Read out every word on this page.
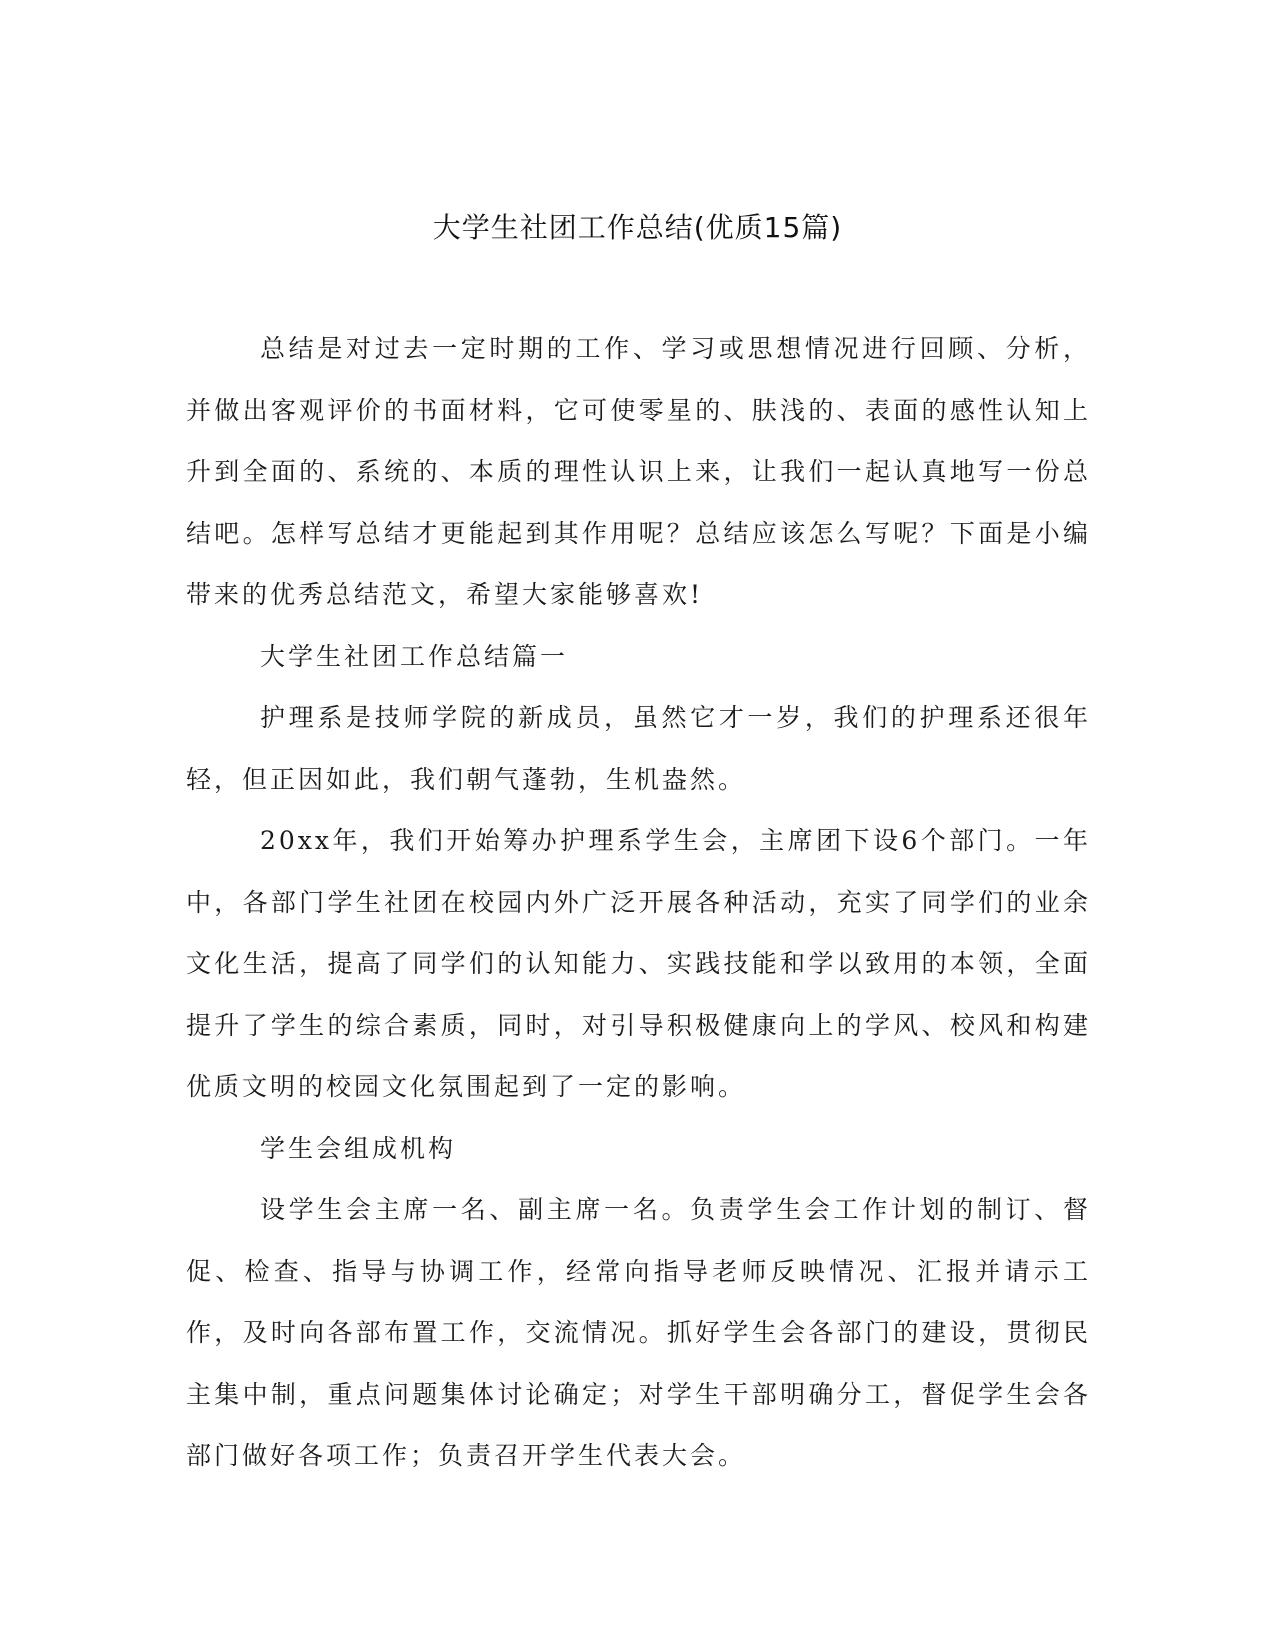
大学生社团工作总结(优质15篇)

总结是对过去一定时期的工作、学习或思想情况进行回顾、分析，并做出客观评价的书面材料，它可使零星的、肤浅的、表面的感性认知上升到全面的、系统的、本质的理性认识上来，让我们一起认真地写一份总结吧。怎样写总结才更能起到其作用呢？总结应该怎么写呢？下面是小编带来的优秀总结范文，希望大家能够喜欢!

大学生社团工作总结篇一

护理系是技师学院的新成员，虽然它才一岁，我们的护理系还很年轻，但正因如此，我们朝气蓬勃，生机盎然。

20xx年，我们开始筹办护理系学生会，主席团下设6个部门。一年中，各部门学生社团在校园内外广泛开展各种活动，充实了同学们的业余文化生活，提高了同学们的认知能力、实践技能和学以致用的本领，全面提升了学生的综合素质，同时，对引导积极健康向上的学风、校风和构建优质文明的校园文化氛围起到了一定的影响。

学生会组成机构

设学生会主席一名、副主席一名。负责学生会工作计划的制订、督促、检查、指导与协调工作，经常向指导老师反映情况、汇报并请示工作，及时向各部布置工作，交流情况。抓好学生会各部门的建设，贯彻民主集中制，重点问题集体讨论确定；对学生干部明确分工，督促学生会各部门做好各项工作；负责召开学生代表大会。
